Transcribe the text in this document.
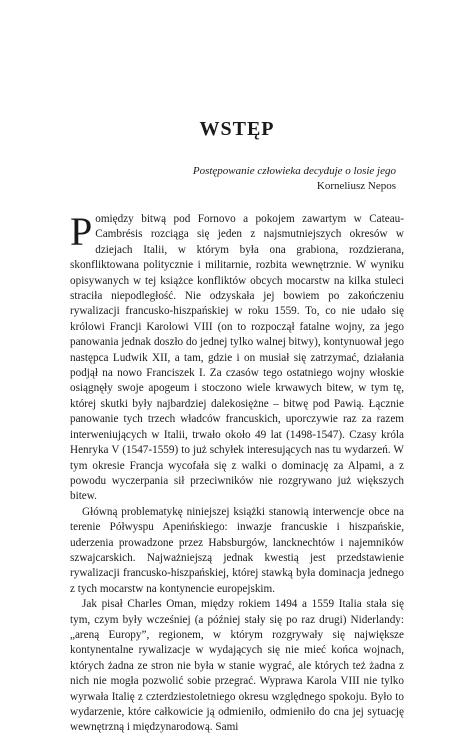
WSTĘP
Postępowanie człowieka decyduje o losie jego
Korneliusz Nepos

Pomiędzy bitwą pod Fornovo a pokojem zawartym w Cateau-Cambrésis rozciąga się jeden z najsmutniejszych okresów w dziejach Italii, w którym była ona grabiona, rozdzierana, skonfliktowana politycznie i militarnie, rozbita wewnętrznie. W wyniku opisywanych w tej książce konfliktów obcych mocarstw na kilka stuleci straciła niepodległość. Nie odzyskała jej bowiem po zakończeniu rywalizacji francusko-hiszpańskiej w roku 1559. To, co nie udało się królowi Francji Karolowi VIII (on to rozpoczął fatalne wojny, za jego panowania jednak doszło do jednej tylko walnej bitwy), kontynuował jego następca Ludwik XII, a tam, gdzie i on musiał się zatrzymać, działania podjął na nowo Franciszek I. Za czasów tego ostatniego wojny włoskie osiągnęły swoje apogeum i stoczono wiele krwawych bitew, w tym tę, której skutki były najbardziej dalekosiężne – bitwę pod Pawią. Łącznie panowanie tych trzech władców francuskich, uporczywie raz za razem interweniujących w Italii, trwało około 49 lat (1498-1547). Czasy króla Henryka V (1547-1559) to już schyłek interesujących nas tu wydarzeń. W tym okresie Francja wycofała się z walki o dominację za Alpami, a z powodu wyczerpania sił przeciwników nie rozgrywano już większych bitew.

Główną problematykę niniejszej książki stanowią interwencje obce na terenie Półwyspu Apenińskiego: inwazje francuskie i hiszpańskie, uderzenia prowadzone przez Habsburgów, lancknechtów i najemników szwajcarskich. Najważniejszą jednak kwestią jest przedstawienie rywalizacji francusko-hiszpańskiej, której stawką była dominacja jednego z tych mocarstw na kontynencie europejskim.

Jak pisał Charles Oman, między rokiem 1494 a 1559 Italia stała się tym, czym były wcześniej (a później stały się po raz drugi) Niderlandy: „areną Europy”, regionem, w którym rozgrywały się największe kontynentalne rywalizacje w wydających się nie mieć końca wojnach, których żadna ze stron nie była w stanie wygrać, ale których też żadna z nich nie mogła pozwolić sobie przegrać. Wyprawa Karola VIII nie tylko wyrwała Italię z czterdziestoletniego okresu względnego spokoju. Było to wydarzenie, które całkowicie ją odmieniło, odmieniło do cna jej sytuację wewnętrzną i międzynarodową. Sami
